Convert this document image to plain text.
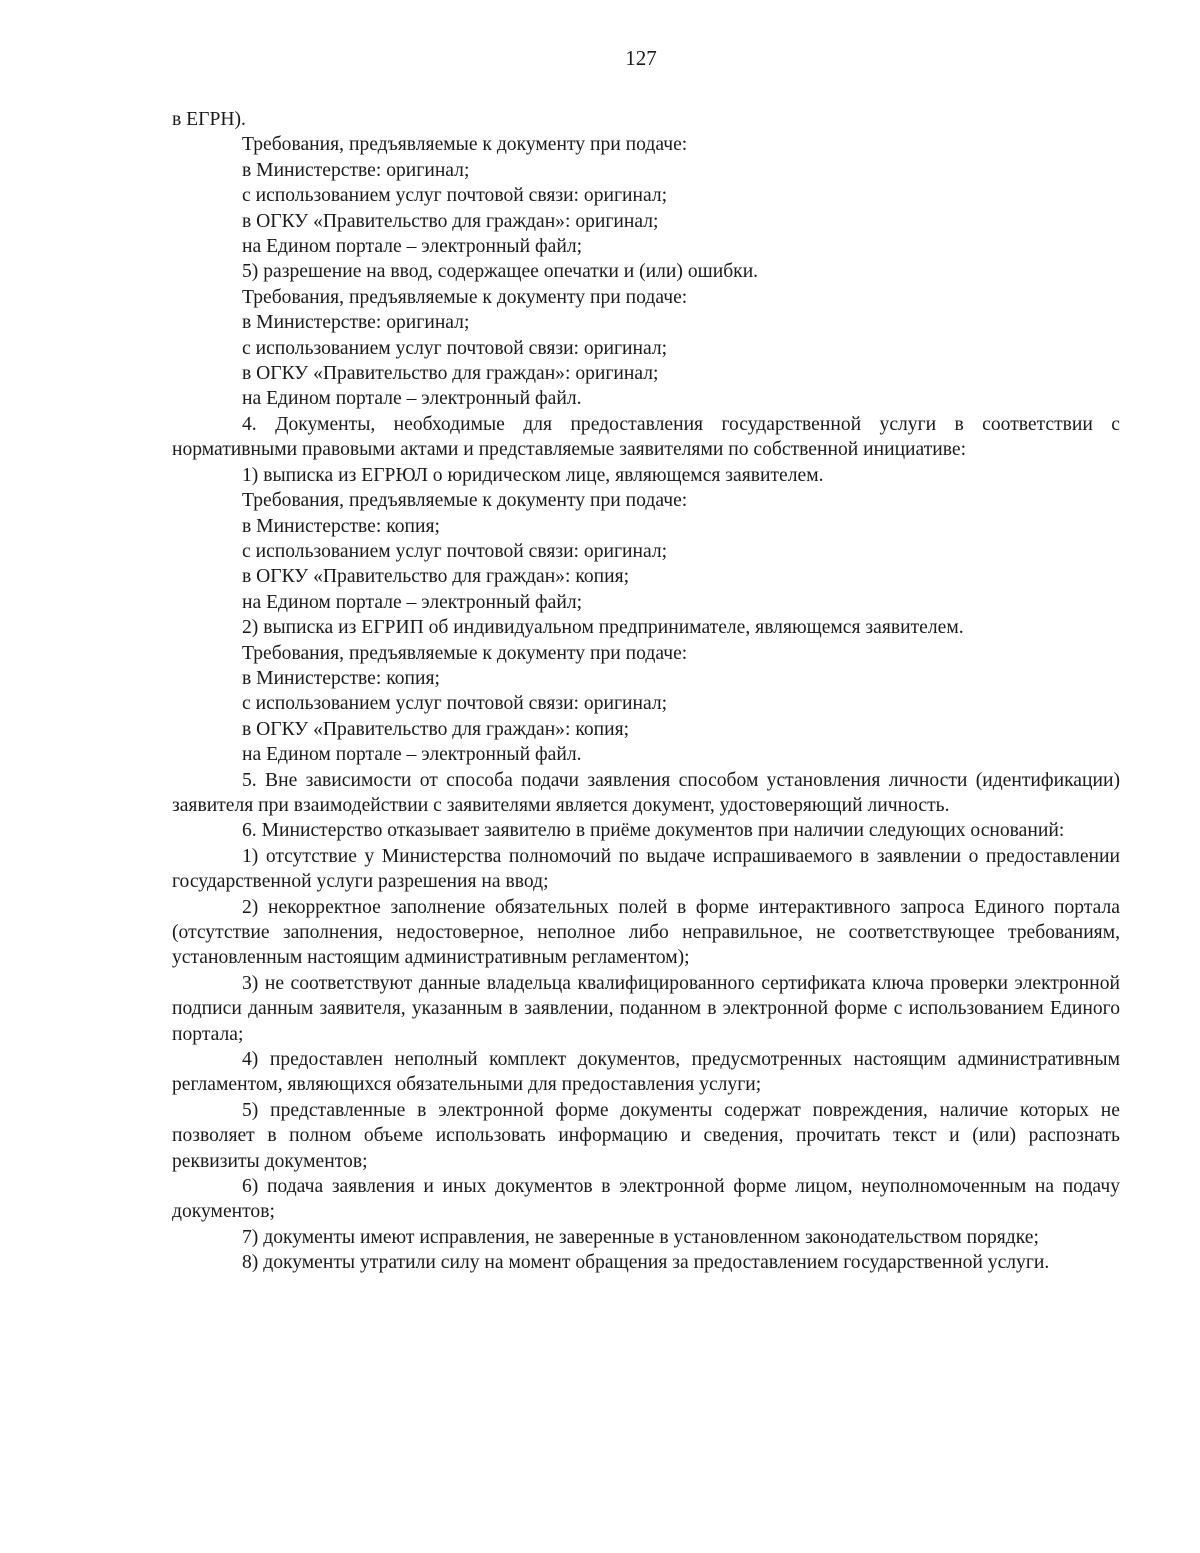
127

в ЕГРН).

Требования, предъявляемые к документу при подаче:

в Министерстве: оригинал;

с использованием услуг почтовой связи: оригинал;

в ОГКУ «Правительство для граждан»: оригинал;

на Едином портале – электронный файл;

5) разрешение на ввод, содержащее опечатки и (или) ошибки.

Требования, предъявляемые к документу при подаче:

в Министерстве: оригинал;

с использованием услуг почтовой связи: оригинал;

в ОГКУ «Правительство для граждан»: оригинал;

на Едином портале – электронный файл.

4. Документы, необходимые для предоставления государственной услуги в соответствии с нормативными правовыми актами и представляемые заявителями по собственной инициативе:

1) выписка из ЕГРЮЛ о юридическом лице, являющемся заявителем.

Требования, предъявляемые к документу при подаче:

в Министерстве: копия;

с использованием услуг почтовой связи: оригинал;

в ОГКУ «Правительство для граждан»: копия;

на Едином портале – электронный файл;

2) выписка из ЕГРИП об индивидуальном предпринимателе, являющемся заявителем.

Требования, предъявляемые к документу при подаче:

в Министерстве: копия;

с использованием услуг почтовой связи: оригинал;

в ОГКУ «Правительство для граждан»: копия;

на Едином портале – электронный файл.

5. Вне зависимости от способа подачи заявления способом установления личности (идентификации) заявителя при взаимодействии с заявителями является документ, удостоверяющий личность.

6. Министерство отказывает заявителю в приёме документов при наличии следующих оснований:

1) отсутствие у Министерства полномочий по выдаче испрашиваемого в заявлении о предоставлении государственной услуги разрешения на ввод;

2) некорректное заполнение обязательных полей в форме интерактивного запроса Единого портала (отсутствие заполнения, недостоверное, неполное либо неправильное, не соответствующее требованиям, установленным настоящим административным регламентом);

3) не соответствуют данные владельца квалифицированного сертификата ключа проверки электронной подписи данным заявителя, указанным в заявлении, поданном в электронной форме с использованием Единого портала;

4) предоставлен неполный комплект документов, предусмотренных настоящим административным регламентом, являющихся обязательными для предоставления услуги;

5) представленные в электронной форме документы содержат повреждения, наличие которых не позволяет в полном объеме использовать информацию и сведения, прочитать текст и (или) распознать реквизиты документов;

6) подача заявления и иных документов в электронной форме лицом, неуполномоченным на подачу документов;

7) документы имеют исправления, не заверенные в установленном законодательством порядке;

8) документы утратили силу на момент обращения за предоставлением государственной услуги.
